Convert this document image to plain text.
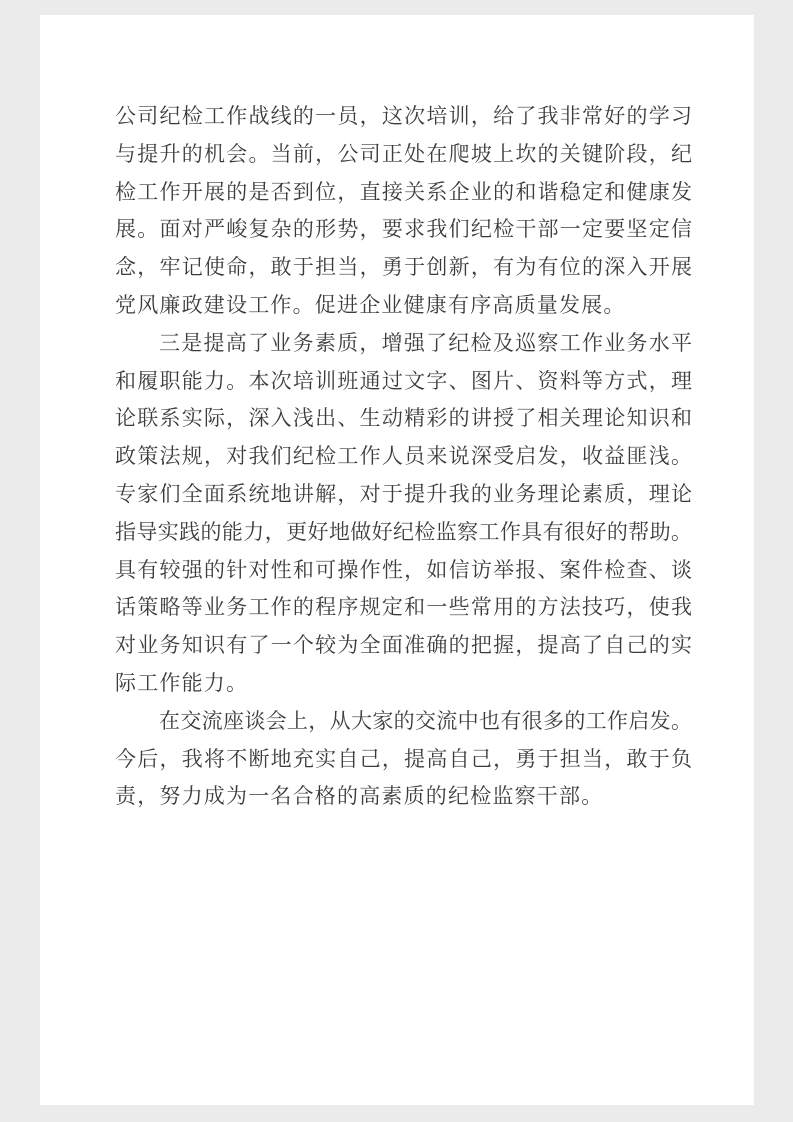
公司纪检工作战线的一员，这次培训，给了我非常好的学习
与提升的机会。当前，公司正处在爬坡上坎的关键阶段，纪
检工作开展的是否到位，直接关系企业的和谐稳定和健康发
展。面对严峻复杂的形势，要求我们纪检干部一定要坚定信
念，牢记使命，敢于担当，勇于创新，有为有位的深入开展
党风廉政建设工作。促进企业健康有序高质量发展。
三是提高了业务素质，增强了纪检及巡察工作业务水平
和履职能力。本次培训班通过文字、图片、资料等方式，理
论联系实际，深入浅出、生动精彩的讲授了相关理论知识和
政策法规，对我们纪检工作人员来说深受启发，收益匪浅。
专家们全面系统地讲解，对于提升我的业务理论素质，理论
指导实践的能力，更好地做好纪检监察工作具有很好的帮助。
具有较强的针对性和可操作性，如信访举报、案件检查、谈
话策略等业务工作的程序规定和一些常用的方法技巧，使我
对业务知识有了一个较为全面准确的把握，提高了自己的实
际工作能力。
在交流座谈会上，从大家的交流中也有很多的工作启发。
今后，我将不断地充实自己，提高自己，勇于担当，敢于负
责，努力成为一名合格的高素质的纪检监察干部。
